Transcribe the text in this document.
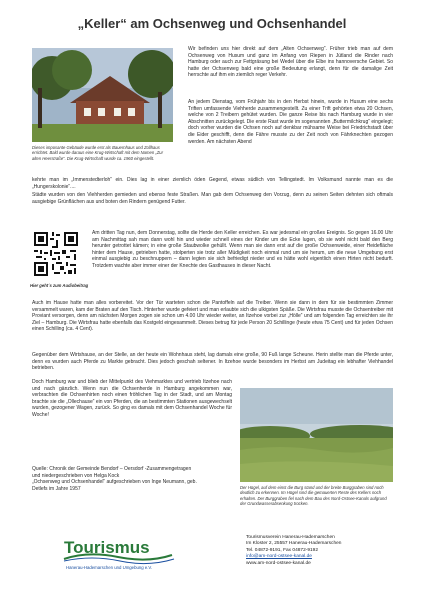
„Keller“ am Ochsenweg und Ochsenhandel

Dieses imposante Gebäude wurde erst als Bauernhaus und Zollhaus errichtet. Bald wurde daraus eine Krug-Wirtschaft mit dem Namen „Zur alten Heerstraße“. Die Krug-Wirtschaft wurde ca. 1960 eingestellt.

Wir befinden uns hier direkt auf dem „Alten Ochsenweg“. Früher trieb man auf dem Ochsenweg von Husum und ganz im Anfang von Riepen in Jütland die Rinder nach Hamburg oder auch zur Fettgräsung bei Wedel über die Elbe ins hannoversche Gebiet. So hatte der Ochsenweg bald eine große Bedeutung erlangt, denn für die damalige Zeit herrschte auf ihm ein ziemlich reger Verkehr.

An jedem Dienstag, vom Frühjahr bis in den Herbst hinein, wurde in Husum eine sechs Triften umfassende Viehherde zusammengestellt. Zu einer Trift gehörten etwa 20 Ochsen, welche von 2 Treibern gehütet wurden. Die ganze Reise bis nach Hamburg wurde in vier Abschnitten zurückgelegt. Die erste Rast wurde im sogenannten „Buttermilchkrug“ eingelegt; doch vorher wurden die Ochsen noch auf denkbar mühsame Weise bei Friedrichstadt über die Eider geschifft, denn die Fähre musste zu der Zeit noch von Fährknechten gezogen werden. Am nächsten Abend

kehrte man im „Immenstedterloh“ ein. Dies lag in einer ziemlich öden Gegend, etwas südlich von Tellingstedt. Im Volksmund nannte man es die „Hungerskolonie“....

Städte wurden von den Viehherden gemieden und ebenso feste Straßen. Man gab dem Ochsenweg den Vorzug, denn zu seinen Seiten dehnten sich oftmals ausgiebige Grünflächen aus und boten den Rindern genügend Futter.

Hier geht´s zum Audiobeitrag

Am dritten Tag nun, dem Donnerstag, sollte die Herde den Keller erreichen. Es war jedesmal ein großes Ereignis. So gegen 16.00 Uhr am Nachmittag sah man dann wohl hin und wieder schnell eines der Kinder um die Ecke lugen, ob sie wohl nicht bald den Berg herunter getrottet kämen; in eine große Staubwolke gehüllt. Wenn man sie dann erst auf die große Ochsenweide, einer Heidefläche hinter dem Hause, getrieben hatte, stolperten sie trotz aller Müdigkeit noch einmal rund um sie herum, um die neue Umgebung erst einmal ausgiebig zu beschnuppern – dann legten sie sich befriedigt nieder und es hätte wohl eigentlich einen Hirten nicht bedurft. Trotzdem wachte aber immer einer der Knechte des Gasthauses in dieser Nacht.

Auch im Hause hatte man alles vorbereitet. Vor der Tür warteten schon die Pantoffeln auf die Treiber. Wenn sie dann in dem für sie bestimmten Zimmer versammelt waren, kam der Braten auf den Tisch. Hinterher wurde gefeiert und man erlaubte sich die ulkigsten Späße. Die Wirtsfrau musste die Ochsentreiber mit Proviant versorgen, denn am nächsten Morgen zogen sie schon um 4.00 Uhr wieder weiter, an Itzehoe vorbei zur „Hölle“ und am folgenden Tag erreichten sie ihr Ziel – Hamburg. Die Wirtsfrau hatte ebenfalls das Kostgeld eingesammelt. Dieses betrug für jede Person 20 Schillinge (heute etwa 75 Cent) und für jeden Ochsen einen Schilling (ca. 4 Cent).

Gegenüber dem Wirtshause, an der Stelle, an der heute ein Wohnhaus steht, lag damals eine große, 90 Fuß lange Scheune. Herin stellte man die Pferde unter, denn es wurden auch Pferde zu Markte gebracht. Dies jedoch geschah seltener. In Itzehoe wurde besonders im Herbst am Judeitag ein lebhafter Viehhandel betrieben.

Doch Hamburg war und blieb der Mittelpunkt des Viehmarktes und vertrieb Itzehoe nach und nach gänzlich. Wenn nun die Ochsenherde in Hamburg angekommen war, verbrachten die Ochsenhirten noch einen fröhlichen Tag in der Stadt, und am Montag brachte sie die „Ollechause“ ein von Pferden, die an bestimmten Stationen ausgewechselt wurden, gezogener Wagen, zurück. So ging es damals mit dem Ochsenhandel Woche für Woche!

Der Hügel, auf dem einst die Burg stand und der breite Burggraben sind noch deutlich zu erkennen. Im Hügel sind die gemauerten Reste des Kellers noch erhalten. Der Burggraben fiel nach dem Bau des Nord-Ostsee-Kanals aufgrund der Grundwasserabsenkung trocken.

Quelle: Chronik der Gemeinde Bendorf – Oersdorf -Zusammengetragen
und niedergeschrieben von Helga Kock
„Ochsenweg und Ochsenhandel“ aufgeschrieben von Inge Neumann, geb.
Detlefs im Jahre 1957
Tourismus
Hanerau-Hademarschen und Umgebung e.V.
Tourismusverein Hanerau-Hademarschen
Im Kloster 2, 25557 Hanerau-Hademarschen
Tel. 04872-9191, Fax 04872-9192
info@am-nord-ostsee-kanal.de
www.am-nord-ostsee-kanal.de
